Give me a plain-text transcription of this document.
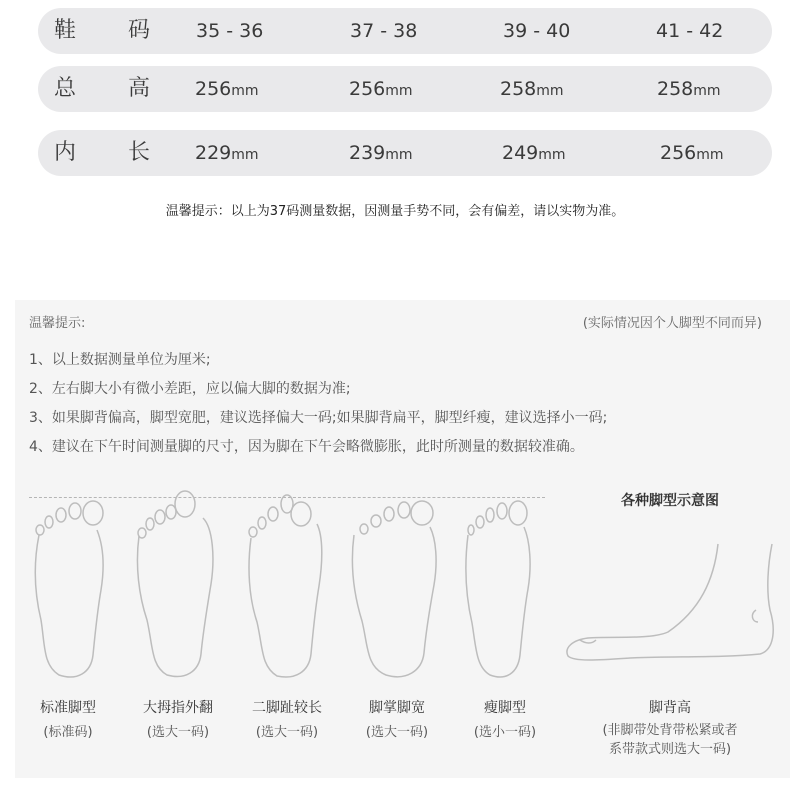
鞋 码 35 - 36	37 - 38	39 - 40	41 - 42
总 高 256mm	256mm	258mm	258mm
内 长 229mm	239mm	249mm	256mm
温馨提示：以上为37码测量数据，因测量手势不同，会有偏差，请以实物为准。
温馨提示:	(实际情况因个人脚型不同而异)
1、以上数据测量单位为厘米;
2、左右脚大小有微小差距，应以偏大脚的数据为准;
3、如果脚背偏高，脚型宽肥，建议选择偏大一码;如果脚背扁平，脚型纤瘦，建议选择小一码;
4、建议在下午时间测量脚的尺寸，因为脚在下午会略微膨胀，此时所测量的数据较准确。
标准脚型
(标准码)
大拇指外翻
(选大一码)
二脚趾较长
(选大一码)
脚掌脚宽
(选大一码)
瘦脚型
(选小一码)
各种脚型示意图
脚背高
(非脚带处背带松紧或者
系带款式则选大一码)
